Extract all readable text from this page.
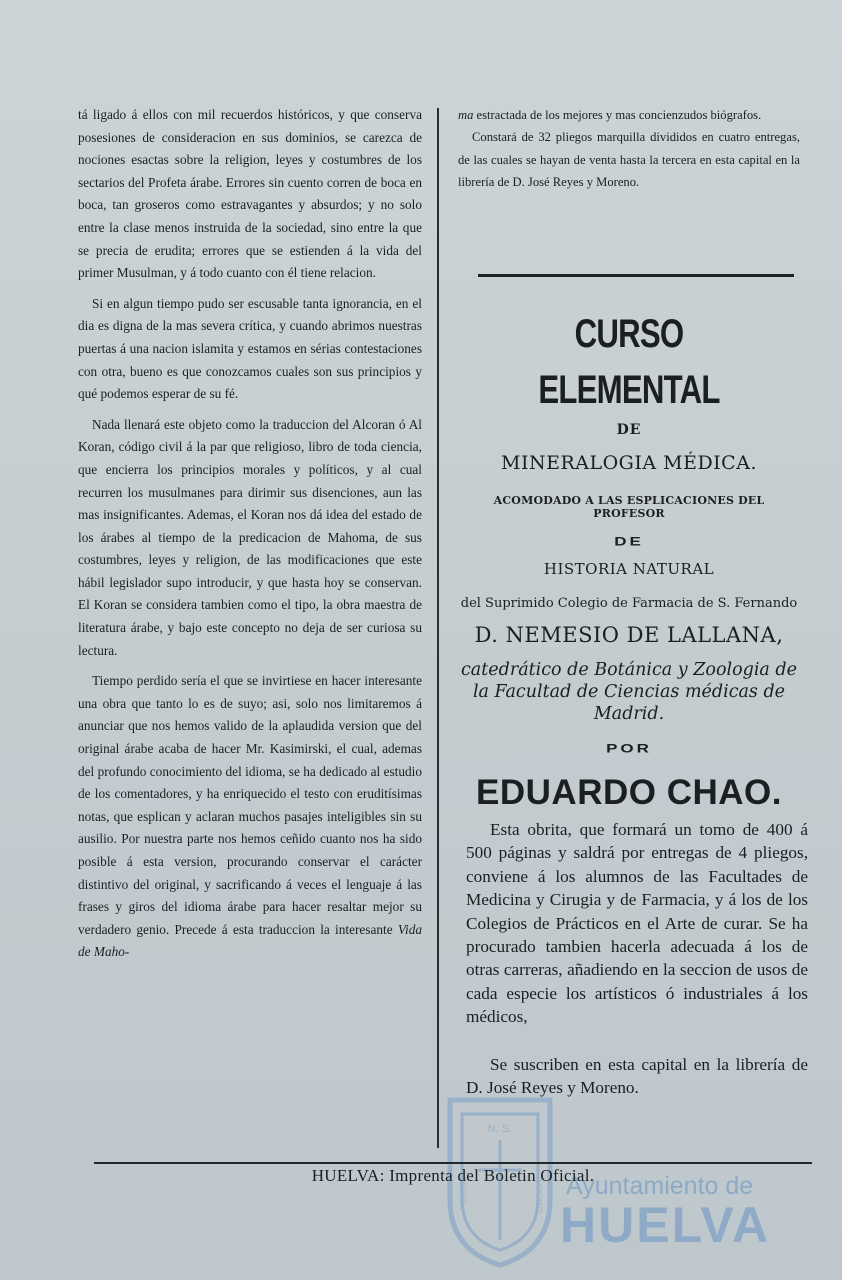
tá ligado á ellos con mil recuerdos históricos, y que conserva posesiones de consideracion en sus dominios, se carezca de nociones esactas sobre la religion, leyes y costumbres de los sectarios del Profeta árabe. Errores sin cuento corren de boca en boca, tan groseros como estravagantes y absurdos; y no solo entre la clase menos instruida de la sociedad, sino entre la que se precia de erudita; errores que se estienden á la vida del primer Musulman, y á todo cuanto con él tiene relacion.

Si en algun tiempo pudo ser escusable tanta ignorancia, en el dia es digna de la mas severa crítica, y cuando abrimos nuestras puertas á una nacion islamita y estamos en sérias contestaciones con otra, bueno es que conozcamos cuales son sus principios y qué podemos esperar de su fé.

Nada llenará este objeto como la traduccion del Alcoran ó Al Koran, código civil á la par que religioso, libro de toda ciencia, que encierra los principios morales y políticos, y al cual recurren los musulmanes para dirimir sus disenciones, aun las mas insignificantes. Ademas, el Koran nos dá idea del estado de los árabes al tiempo de la predicacion de Mahoma, de sus costumbres, leyes y religion, de las modificaciones que este hábil legislador supo introducir, y que hasta hoy se conservan. El Koran se considera tambien como el tipo, la obra maestra de literatura árabe, y bajo este concepto no deja de ser curiosa su lectura.

Tiempo perdido sería el que se invirtiese en hacer interesante una obra que tanto lo es de suyo; asi, solo nos limitaremos á anunciar que nos hemos valido de la aplaudida version que del original árabe acaba de hacer Mr. Kasimirski, el cual, ademas del profundo conocimiento del idioma, se ha dedicado al estudio de los comentadores, y ha enriquecido el testo con eruditísimas notas, que esplican y aclaran muchos pasajes inteligibles sin su ausilio. Por nuestra parte nos hemos ceñido cuanto nos ha sido posible á esta version, procurando conservar el carácter distintivo del original, y sacrificando á veces el lenguaje á las frases y giros del idioma árabe para hacer resaltar mejor su verdadero genio. Precede á esta traduccion la interesante Vida de Maho-

ma estractada de los mejores y mas concienzudos biógrafos.
Constará de 32 pliegos marquilla divididos en cuatro entregas, de las cuales se hayan de venta hasta la tercera en esta capital en la librería de D. José Reyes y Moreno.

CURSO ELEMENTAL
DE
MINERALOGIA MÉDICA.
ACOMODADO A LAS ESPLICACIONES DEL PROFESOR
DE
HISTORIA NATURAL
del Suprimido Colegio de Farmacia de S. Fernando
D. NEMESIO DE LALLANA,
catedrático de Botánica y Zoologia de la Facultad de Ciencias médicas de Madrid.
POR
EDUARDO CHAO.

Esta obrita, que formará un tomo de 400 á 500 páginas y saldrá por entregas de 4 pliegos, conviene á los alumnos de las Facultades de Medicina y Cirugia y de Farmacia, y á los de los Colegios de Prácticos en el Arte de curar. Se ha procurado tambien hacerla adecuada á los de otras carreras, añadiendo en la seccion de usos de cada especie los artísticos ó industriales á los médicos,

Se suscriben en esta capital en la librería de D. José Reyes y Moreno.

N. S.
PORTUS	VOCATO Ayuntamiento de
HUELVA
HUELVA: Imprenta del Boletin Oficial.
